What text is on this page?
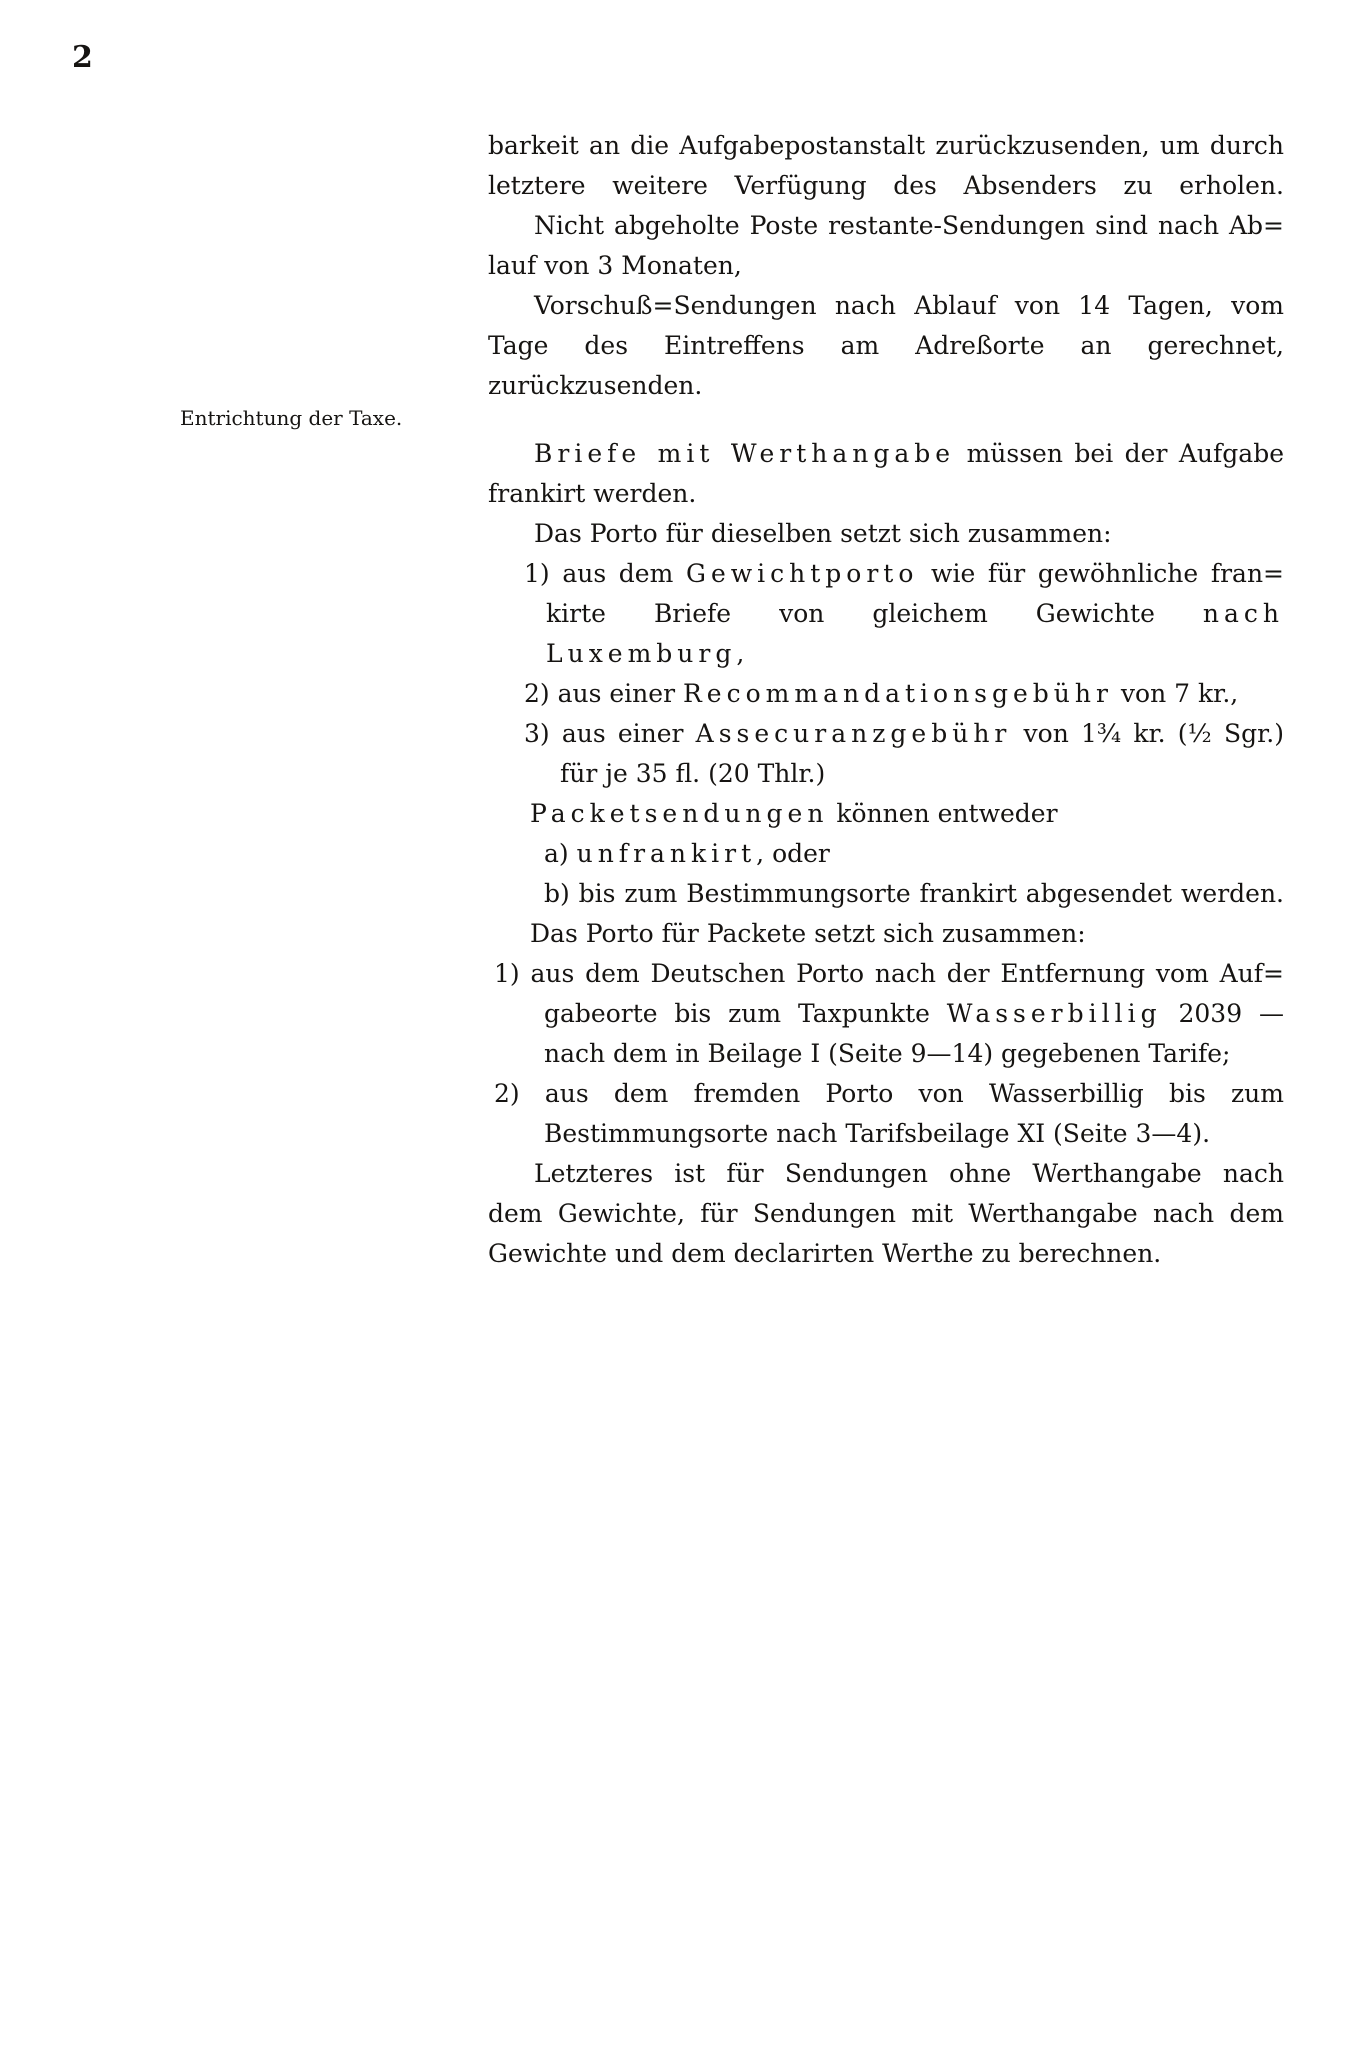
2
Entrichtung der Taxe.
barkeit an die Aufgabepostanstalt zurückzusenden, um durch
letztere weitere Verfügung des Absenders zu erholen.
Nicht abgeholte Poste restante-Sendungen sind nach Ab=
lauf von 3 Monaten,
Vorschuß=Sendungen nach Ablauf von 14 Tagen, vom
Tage des Eintreffens am Adreßorte an gerechnet, zurückzusenden.
Briefe mit Werthangabe müssen bei der Aufgabe
frankirt werden.
Das Porto für dieselben setzt sich zusammen:
1) aus dem Gewichtporto wie für gewöhnliche fran=
kirte Briefe von gleichem Gewichte nach Luxemburg,
2) aus einer Recommandationsgebühr von 7 kr.,
3) aus einer Assecuranzgebühr von 1¾ kr. (½ Sgr.)
für je 35 fl. (20 Thlr.)
Packetsendungen können entweder
a) unfrankirt, oder
b) bis zum Bestimmungsorte frankirt abgesendet werden.
Das Porto für Packete setzt sich zusammen:
1) aus dem Deutschen Porto nach der Entfernung vom Auf=
gabeorte bis zum Taxpunkte Wasserbillig 2039 —
nach dem in Beilage I (Seite 9—14) gegebenen Tarife;
2) aus dem fremden Porto von Wasserbillig bis zum
Bestimmungsorte nach Tarifsbeilage XI (Seite 3—4).
Letzteres ist für Sendungen ohne Werthangabe nach
dem Gewichte, für Sendungen mit Werthangabe nach dem
Gewichte und dem declarirten Werthe zu berechnen.
